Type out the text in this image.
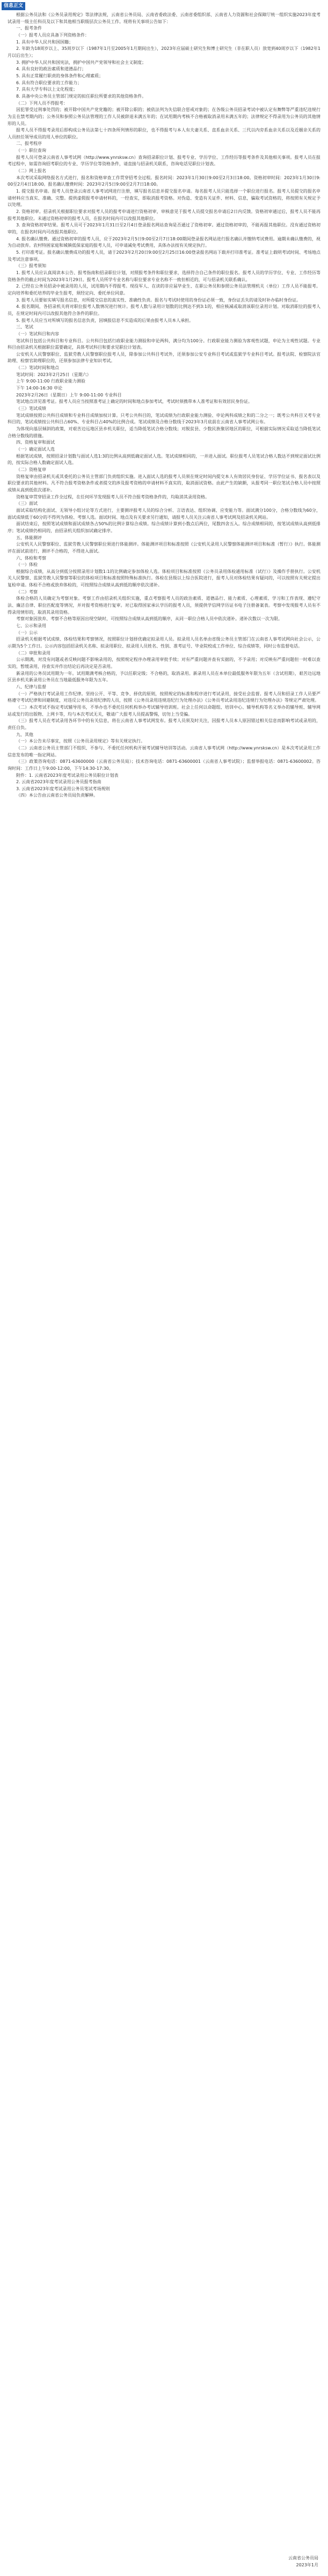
信息正文

根据公务员法和《公务员录用规定》等法律法规，云南省公务员局、云南省委政法委、云南省委组织部、云南省人力资源和社会保障厅统一组织实施2023年度考试录用一级主任科员及以下和其他相当职级层次公务员工作。现将有关事项公告如下：

一、报考条件

（一）报考人员应具备下列资格条件：

1. 具有中华人民共和国国籍；

2. 年龄为18周岁以上、35周岁以下（1987年1月至2005年1月期间出生），2023年应届硕士研究生和博士研究生（非在职人员）放宽到40周岁以下（1982年1月以后出生）；

3. 拥护中华人民共和国宪法，拥护中国共产党领导和社会主义制度；

4. 具有良好的政治素质和道德品行；

5. 具有正常履行职责的身体条件和心理素质；

6. 具有符合职位要求的工作能力；

7. 具有大学专科以上文化程度；

8. 具备中央公务员主管部门规定的拟任职位所要求的其他资格条件。

（二）下列人员不得报考：

因犯罪受过刑事处罚的；被开除中国共产党党籍的；被开除公职的；被依法列为失信联合惩戒对象的；在各级公务员招录考试中被认定有舞弊等严重违纪违规行为且在禁考期内的；公务员和参照公务员法管理的工作人员被辞退未满五年的；在试用期内考核不合格被取消录用未满五年的；法律规定不得录用为公务员的其他情形的人员。

报考人员不得报考录用后即构成公务员法第七十四条所列情形的职位，也不得报考与本人有夫妻关系、直系血亲关系、三代以内旁系血亲关系以及近姻亲关系的人员担任领导成员的用人单位的职位。

二、报考程序

（一）职位查询

报考人员可登录云南省人事考试网（http://www.ynrsksw.cn）查询招录职位计划、报考专业、学历学位、工作经历等报考条件及其他相关事项。报考人员在报考过程中，如需咨询招考职位的专业、学历学位等资格条件，请直接与招录机关联系，咨询电话见职位计划表。

（二）网上报名

本次考试采取网络报名方式进行，报名和资格审查工作贯穿招考全过程。报名时间：2023年1月30日9:00至2月3日18:00。资格初审时间：2023年1月30日9:00至2月4日18:00。报名确认缴费时间：2023年2月5日9:00至2月7日18:00。

1. 提交报名申请。报考人员登录云南省人事考试网进行注册，填写报名信息并提交报名申请。每名报考人员只能选择一个职位进行报名。报考人员提交的报名申请材料应当真实、准确、完整。提供虚假报考申请材料的，一经查实，即取消报考资格。对伪造、变造有关证件、材料、信息，骗取考试资格的，将按照有关规定予以处理。

2. 资格初审。招录机关根据职位要求对报考人员的报考申请进行资格初审，审核意见于报考人员提交报名申请后2日内反馈。资格初审通过后，报考人员不能再报考其他职位。未通过资格初审的报考人员，在报名时间内可以改报其他职位。

3. 查询资格初审结果。报考人员可于2023年1月31日至2月4日登录报名网站查询是否通过了资格初审。通过资格初审的，不能再报其他职位。没有通过资格初审的，在报名时间内可改报其他职位。

4. 报名确认缴费。通过资格初审的报考人员，应于2023年2月5日9:00至2月7日18:00期间登录报名网站进行报名确认并缴纳考试费用。逾期未确认缴费的，视为自动放弃。农村特困家庭和城镇低保家庭的报考人员，可申请减免考试费用，具体办法按有关规定执行。

5. 打印准考证。报名确认缴费成功的报考人员，请于2023年2月20日9:00至2月25日16:00登录报名网站下载并打印准考证。准考证上载明考试时间、考场地点及考试注意事项。

（三）报考须知

1. 报考人员应认真阅读本公告、报考指南和招录职位计划，对照报考条件和职位要求，选择符合自己条件的职位报名。报考人员的学历学位、专业、工作经历等资格条件的截止时间为2023年1月29日。报考人员所学专业名称与职位要求专业名称不一致但相近的，可与招录机关联系确认。

2. 已经在公务员招录中被录用的人员，试用期内不得报考。现役军人、在读的非应届毕业生、在职公务员和参照公务员法管理机关（单位）工作人员不能报考。定向培养和委托培养的毕业生报考，须经定向、委托单位同意。

3. 报考人员要如实填写报名信息，对所提交信息的真实性、准确性负责。报名与考试时使用的身份证必须一致，身份证丢失的请及时补办临时身份证。

4. 报名期间，各招录机关将对职位报考人数情况进行统计。报考人数与录用计划数的比例达不到3:1的，相应核减或取消该职位录用计划。对取消职位的报考人员，在规定时间内可以改报其他符合条件的职位。

5. 报考人员应当对所填写的报名信息负责，因填报信息不实造成的后果由报考人员本人承担。

三、笔试

（一）笔试科目和内容

笔试科目包括公共科目和专业科目。公共科目包括行政职业能力测验和申论两科，满分均为100分。行政职业能力测验为客观性试题，申论为主观性试题。专业科目由招录机关根据职位需要确定，具体考试科目和要求见职位计划表。

公安机关人民警察职位、监狱劳教人民警察职位报考人员，除参加公共科目考试外，还须参加公安专业科目考试或监狱学专业科目考试。报考法院、检察院法官助理、检察官助理职位的，还须参加法律专业知识考试。

（二）笔试时间和地点

笔试时间：2023年2月25日（星期六）

上午 9:00-11:00 行政职业能力测验

下午 14:00-16:30 申论

2023年2月26日（星期日）上午 9:00-11:00 专业科目

笔试地点详见准考证。报考人员应当按照准考证上确定的时间和地点参加考试，考试时须携带本人准考证和有效居民身份证。

（三）笔试成绩

笔试成绩按照公共科目成绩和专业科目成绩加权计算。只考公共科目的，笔试成绩为行政职业能力测验、申论两科成绩之和的二分之一；既考公共科目又考专业科目的，笔试成绩按公共科目占60%、专业科目占40%的比例合成。笔试成绩及合格分数线于2023年3月底前在云南省人事考试网公布。

为体现向基层倾斜的政策，对艰苦边远地区县乡机关职位，适当降低笔试合格分数线；对脱贫县、少数民族聚居地区的职位，可根据实际情况采取适当降低笔试合格分数线的措施。

四、资格复审和面试

（一）确定面试人选

根据笔试成绩，按照招录计划数与面试人选1:3的比例从高到低确定面试人选。笔试成绩相同的，一并进入面试。职位报考人员笔试合格人数达不到规定面试比例的，按实际合格人数确定面试人选。

（二）资格复审

资格复审由招录机关或其委托的公务员主管部门负责组织实施。进入面试人选的报考人员须在规定时间内提交本人有效居民身份证、学历学位证书、报名表以及职位要求的其他材料。凡不符合报考资格条件或者提交的涉及报考资格的申请材料不真实的，取消面试资格。由此产生的缺额，从报考同一职位笔试合格人员中按照成绩从高到低依次递补。

资格复审贯穿招录工作全过程，在任何环节发现报考人员不符合报考资格条件的，均取消其录用资格。

（三）面试

面试采取结构化面试、无领导小组讨论等方式进行，主要测评报考人员的综合分析、言语表达、组织协调、应变能力等。面试满分100分，合格分数线为60分，面试成绩低于60分的不得列为体检、考察人选。面试时间、地点及有关要求另行通知，请报考人员关注云南省人事考试网及招录机关网站。

面试结束后，按照笔试成绩和面试成绩各占50%的比例计算综合成绩。综合成绩计算到小数点后两位，尾数四舍五入。综合成绩相同的，按笔试成绩从高到低排序；笔试成绩仍相同的，由招录机关组织加试确定排序。

五、体能测评

公安机关人民警察职位、监狱劳教人民警察职位须进行体能测评。体能测评项目和标准按照《公安机关录用人民警察体能测评项目和标准（暂行）》执行。体能测评在面试前进行，测评不合格的，不得进入面试。

六、体检和考察

（一）体检

根据综合成绩，从高分到低分按照录用计划数1:1的比例确定参加体检人选。体检项目和标准按照《公务员录用体检通用标准（试行）》及操作手册执行。公安机关人民警察、监狱劳教人民警察等职位的体检项目和标准按照特殊标准执行。体检在县级以上综合医院进行，报考人员对体检结果有疑问的，可以按照有关规定提出复检申请。体检不合格或放弃体检的，可按照综合成绩从高到低的顺序依次递补。

（二）考察

体检合格的人员确定为考察对象。考察工作由招录机关组织实施，重点考察报考人员的政治素质、道德品行、能力素质、心理素质、学习和工作表现、遵纪守法、廉洁自律、职位匹配度等情况，并对报考资格进行复审。对已取得国家承认学历的报考人员，须提供学信网学历证书电子注册备案表。考察中发现报考人员有不得录用情形的，取消其录用资格。

考察对象因放弃、考察不合格等原因出现空缺时，可按照综合成绩从高到低的顺序，从同一职位合格人员中依次递补。递补次数以一次为限。

七、公示和录用

（一）公示

招录机关根据考试成绩、体检结果和考察情况，按照职位计划择优确定拟录用人员。拟录用人员名单由省级公务员主管部门在云南省人事考试网向社会公示，公示期为5个工作日。公示内容包括招录机关名称、拟录用职位、拟录用人员姓名、性别、准考证号、毕业院校或工作单位、综合成绩等，同时公布监督电话。

（二）审批和录用

公示期满，对没有问题或者反映问题不影响录用的，按照规定程序办理录用审批手续；对有严重问题并查有实据的，不予录用；对反映有严重问题但一时难以查实的，暂缓录用，待查实并作出结论后再决定是否录用。

新录用的公务员试用期为一年。试用期满考核合格的，予以任职定级；不合格的，取消录用。新录用人员在本单位最低服务年限为五年（含试用期），艰苦边远地区县乡机关新录用公务员在当地最低服务年限为五年。

八、纪律与监督

（一）严格执行考试录用工作纪律。坚持公开、平等、竞争、择优的原则，按照规定的标准和程序进行考试录用，接受社会监督。报考人员和招录工作人员要严格遵守考试纪律和回避制度，对违反公务员录用纪律的人员，按照《公务员录用违规违纪行为处理办法》《公务员考试录用违纪违规行为处理办法》等规定严肃处理。

（二）本次考试不指定考试辅导用书，不举办也不委托任何机构举办考试辅导培训班。社会上任何以命题组、培训中心、辅导机构等名义举办的辅导班、辅导网站或发行的出版物、上网卡等，均与本次考试无关，敬请广大报考人员提高警惕，切勿上当受骗。

（三）报考人员在考试录用各环节中的有关信息，将在云南省人事考试网发布。报考人员须及时关注，因报考人员本人原因错过相关信息而影响考试或录用的，责任自负。

九、其他

（一）本公告未尽事宜，按照《公务员录用规定》等有关规定执行。

（二）云南省公务员主管部门不组织、不参与、不委托任何机构开展考试辅导培训等活动。云南省人事考试网（http://www.ynrsksw.cn）是本次考试录用工作信息发布的唯一指定网站。

（三）政策咨询电话：0871-63600000（云南省公务员局）；技术咨询电话：0871-63600001（云南省人事考试院）；监督举报电话：0871-63600002。咨询时间：工作日上午9:00-12:00，下午14:30-17:30。

附件：1. 云南省2023年度考试录用公务员职位计划表

2. 云南省2023年度考试录用公务员报考指南

3. 云南省2023年度考试录用公务员笔试考场规则

（四）本公告由云南省公务员局负责解释。

云南省公务员局
2023年1月
